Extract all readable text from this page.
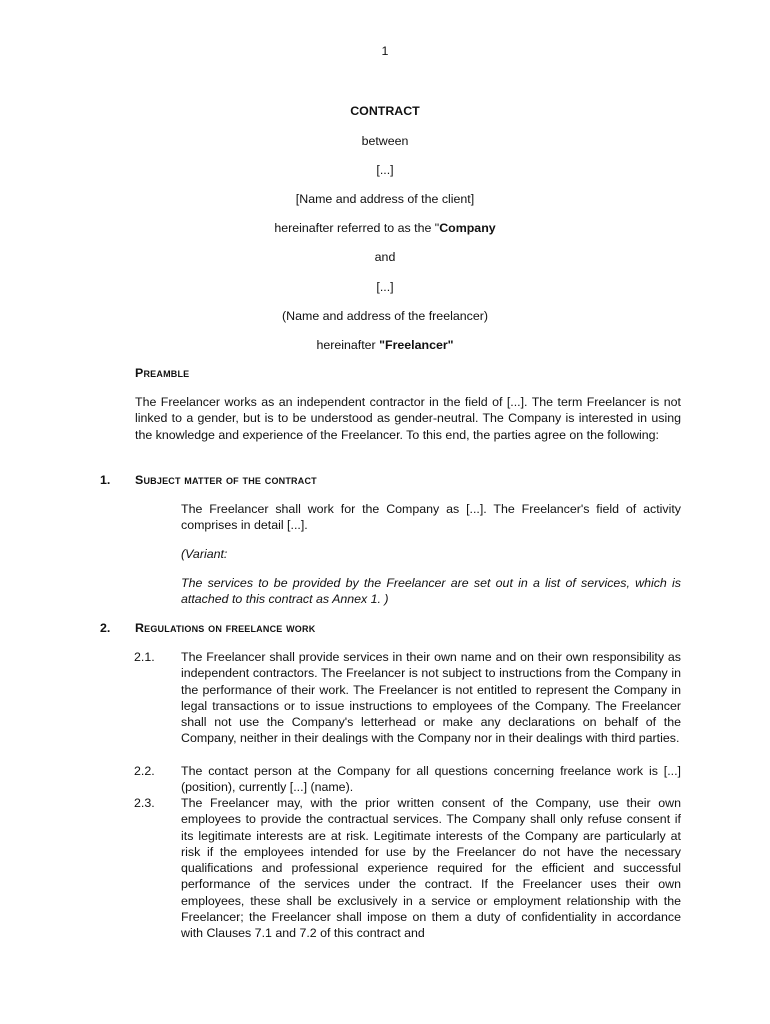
1
CONTRACT
between
[...]
[Name and address of the client]
hereinafter referred to as the "Company
and
[...]
(Name and address of the freelancer)
hereinafter "Freelancer"
Preamble
The Freelancer works as an independent contractor in the field of [...]. The term Freelancer is not linked to a gender, but is to be understood as gender-neutral. The Company is interested in using the knowledge and experience of the Freelancer. To this end, the parties agree on the following:
1. Subject matter of the contract
The Freelancer shall work for the Company as [...]. The Freelancer's field of activity comprises in detail [...].
(Variant:
The services to be provided by the Freelancer are set out in a list of services, which is attached to this contract as Annex 1. )
2. Regulations on freelance work
2.1. The Freelancer shall provide services in their own name and on their own responsibility as independent contractors. The Freelancer is not subject to instructions from the Company in the performance of their work. The Freelancer is not entitled to represent the Company in legal transactions or to issue instructions to employees of the Company. The Freelancer shall not use the Company's letterhead or make any declarations on behalf of the Company, neither in their dealings with the Company nor in their dealings with third parties.
2.2. The contact person at the Company for all questions concerning freelance work is [...] (position), currently [...] (name).
2.3. The Freelancer may, with the prior written consent of the Company, use their own employees to provide the contractual services. The Company shall only refuse consent if its legitimate interests are at risk. Legitimate interests of the Company are particularly at risk if the employees intended for use by the Freelancer do not have the necessary qualifications and professional experience required for the efficient and successful performance of the services under the contract. If the Freelancer uses their own employees, these shall be exclusively in a service or employment relationship with the Freelancer; the Freelancer shall impose on them a duty of confidentiality in accordance with Clauses 7.1 and 7.2 of this contract and
